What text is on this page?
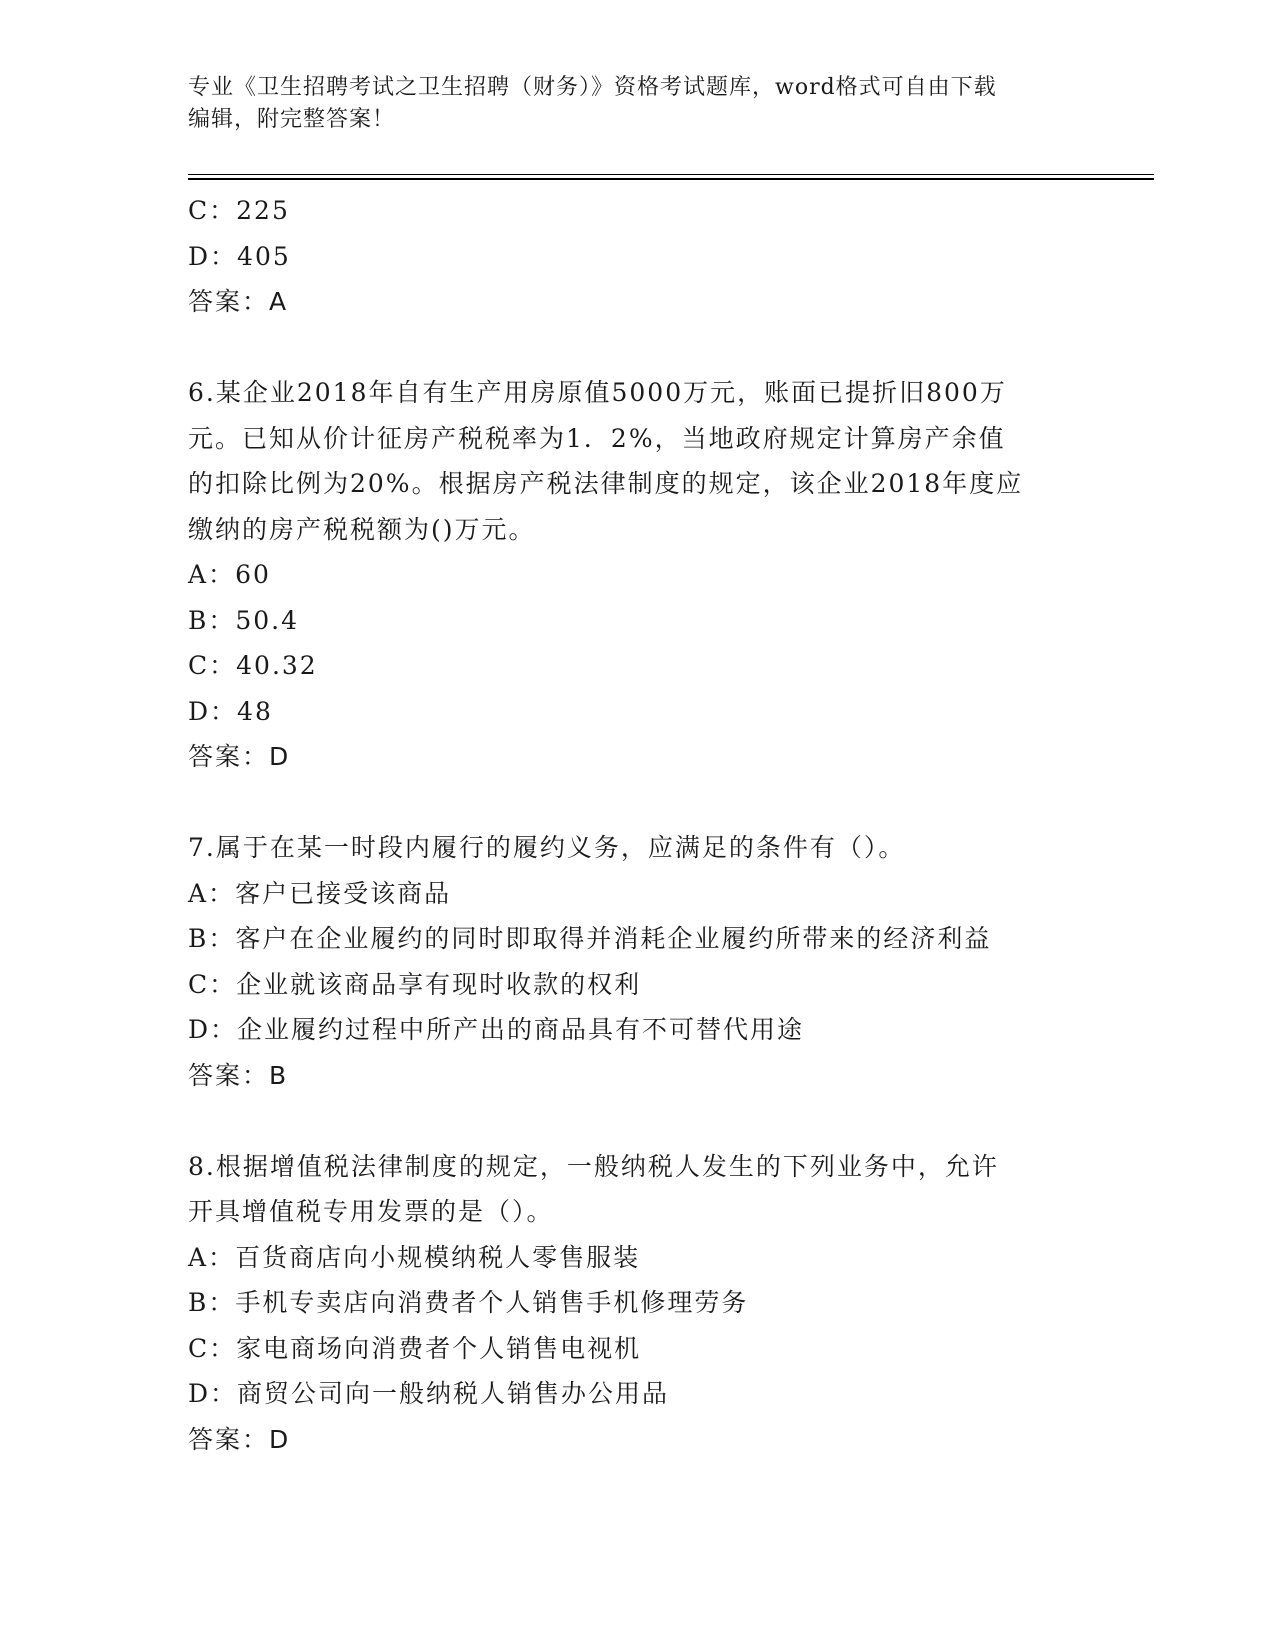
专业《卫生招聘考试之卫生招聘（财务）》资格考试题库，word格式可自由下载
编辑，附完整答案！
C：225
D：405
答案：A
6.某企业2018年自有生产用房原值5000万元，账面已提折旧800万
元。已知从价计征房产税税率为1．2%，当地政府规定计算房产余值
的扣除比例为20%。根据房产税法律制度的规定，该企业2018年度应
缴纳的房产税税额为()万元。
A：60
B：50.4
C：40.32
D：48
答案：D
7.属于在某一时段内履行的履约义务，应满足的条件有（）。
A：客户已接受该商品
B：客户在企业履约的同时即取得并消耗企业履约所带来的经济利益
C：企业就该商品享有现时收款的权利
D：企业履约过程中所产出的商品具有不可替代用途
答案：B
8.根据增值税法律制度的规定，一般纳税人发生的下列业务中，允许
开具增值税专用发票的是（）。
A：百货商店向小规模纳税人零售服装
B：手机专卖店向消费者个人销售手机修理劳务
C：家电商场向消费者个人销售电视机
D：商贸公司向一般纳税人销售办公用品
答案：D
